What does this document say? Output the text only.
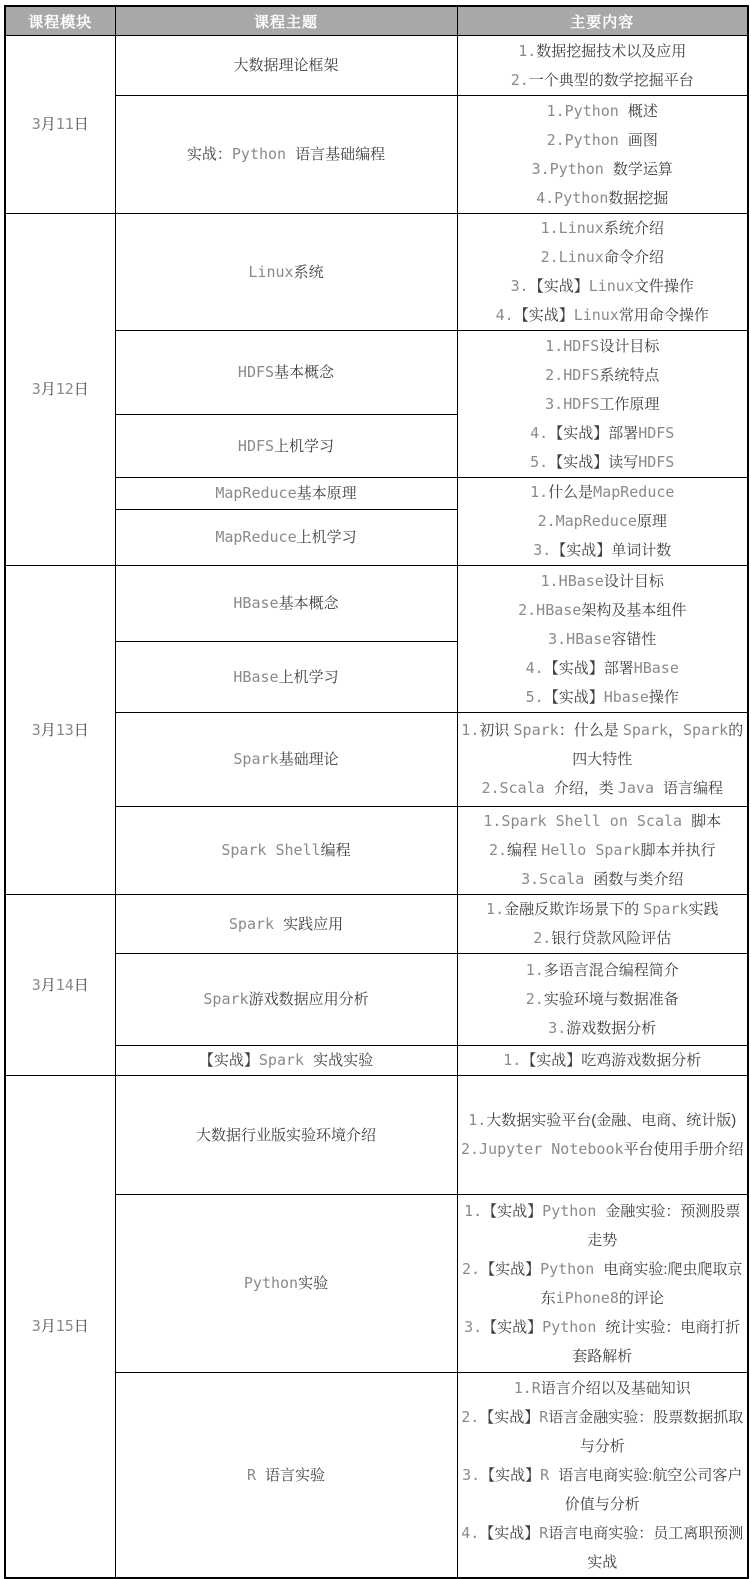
课程模块	课程主题	主要内容
3月11日	大数据理论框架	1.数据挖掘技术以及应用
2.一个典型的数学挖掘平台

	实战：Python 语言基础编程	1.Python 概述
2.Python 画图
3.Python 数学运算
4.Python数据挖掘

3月12日	Linux系统	1.Linux系统介绍
2.Linux命令介绍
3.【实战】Linux文件操作
4.【实战】Linux常用命令操作

	HDFS基本概念	1.HDFS设计目标
2.HDFS系统特点
3.HDFS工作原理
4.【实战】部署HDFS
5.【实战】读写HDFS

	HDFS上机学习	
	MapReduce基本原理	1.什么是MapReduce
2.MapReduce原理
3.【实战】单词计数

	MapReduce上机学习	
3月13日	HBase基本概念	1.HBase设计目标
2.HBase架构及基本组件
3.HBase容错性
4.【实战】部署HBase
5.【实战】Hbase操作

	HBase上机学习	
	Spark基础理论	1.初识 Spark：什么是 Spark，Spark的四大特性
2.Scala 介绍，类 Java 语言编程

	Spark Shell编程	1.Spark Shell on Scala 脚本
2.编程 Hello Spark脚本并执行
3.Scala 函数与类介绍

3月14日	Spark 实践应用	1.金融反欺诈场景下的 Spark实践
2.银行贷款风险评估

	Spark游戏数据应用分析	1.多语言混合编程简介
2.实验环境与数据准备
3.游戏数据分析

	【实战】Spark 实战实验	1.【实战】吃鸡游戏数据分析

3月15日	大数据行业版实验环境介绍	1.大数据实验平台(金融、电商、统计版)
2.Jupyter Notebook平台使用手册介绍

	Python实验	1.【实战】Python 金融实验：预测股票走势
2.【实战】Python 电商实验:爬虫爬取京东iPhone8的评论
3.【实战】Python 统计实验：电商打折套路解析

	R 语言实验	1.R语言介绍以及基础知识
2.【实战】R语言金融实验：股票数据抓取与分析
3.【实战】R 语言电商实验:航空公司客户价值与分析
4.【实战】R语言电商实验：员工离职预测实战
